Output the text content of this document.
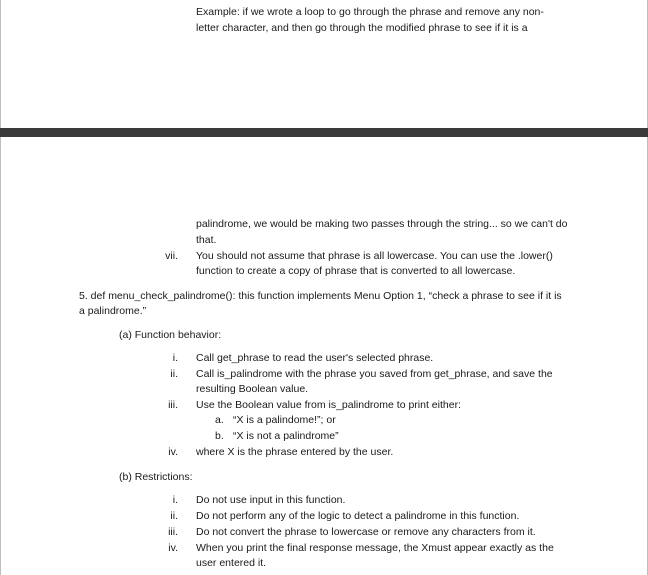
Example: if we wrote a loop to go through the phrase and remove any non-
letter character, and then go through the modified phrase to see if it is a
palindrome, we would be making two passes through the string... so we can't do
that.
vii. You should not assume that phrase is all lowercase. You can use the .lower()
function to create a copy of phrase that is converted to all lowercase.
5. def menu_check_palindrome(): this function implements Menu Option 1, “check a phrase to see if it is
a palindrome.”
(a) Function behavior:
i. Call get_phrase to read the user's selected phrase.
ii. Call is_palindrome with the phrase you saved from get_phrase, and save the
resulting Boolean value.
iii. Use the Boolean value from is_palindrome to print either:
a. “X is a palindome!”; or
b. “X is not a palindrome”
iv. where X is the phrase entered by the user.
(b) Restrictions:
i. Do not use input in this function.
ii. Do not perform any of the logic to detect a palindrome in this function.
iii. Do not convert the phrase to lowercase or remove any characters from it.
iv. When you print the final response message, the Xmust appear exactly as the
user entered it.
